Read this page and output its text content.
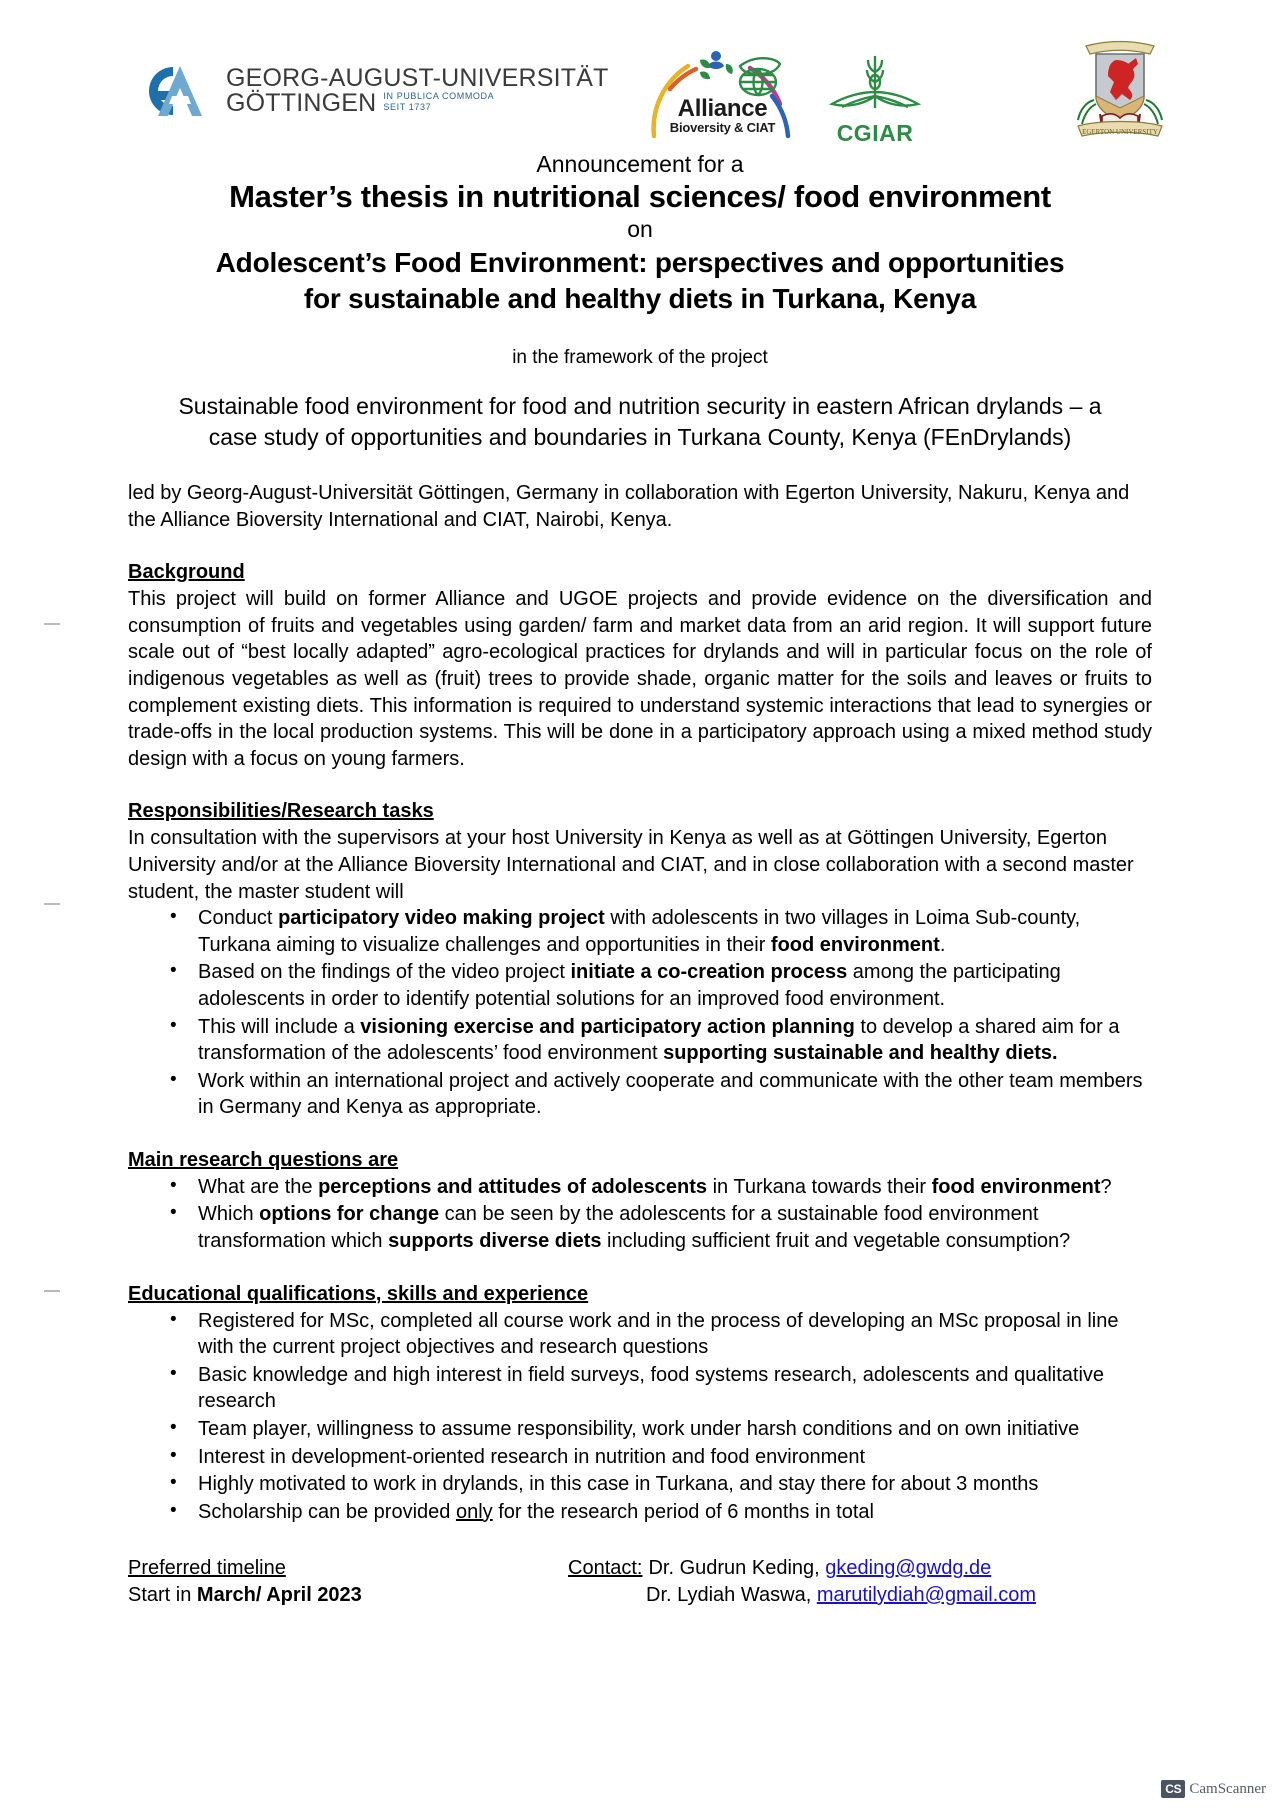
GEORG-AUGUST-UNIVERSITÄT
GÖTTINGEN IN PUBLICA COMMODA
SEIT 1737	Alliance
Bioversity & CIAT	CGIAR	EGERTON UNIVERSITY
Announcement for a
Master’s thesis in nutritional sciences/ food environment
on
Adolescent’s Food Environment: perspectives and opportunities
for sustainable and healthy diets in Turkana, Kenya
in the framework of the project
Sustainable food environment for food and nutrition security in eastern African drylands – a
case study of opportunities and boundaries in Turkana County, Kenya (FEnDrylands)
led by Georg-August-Universität Göttingen, Germany in collaboration with Egerton University, Nakuru, Kenya and the Alliance Bioversity International and CIAT, Nairobi, Kenya.
Background

This project will build on former Alliance and UGOE projects and provide evidence on the diversification and consumption of fruits and vegetables using garden/ farm and market data from an arid region. It will support future scale out of “best locally adapted” agro-ecological practices for drylands and will in particular focus on the role of indigenous vegetables as well as (fruit) trees to provide shade, organic matter for the soils and leaves or fruits to complement existing diets. This information is required to understand systemic interactions that lead to synergies or trade-offs in the local production systems. This will be done in a participatory approach using a mixed method study design with a focus on young farmers.

Responsibilities/Research tasks

In consultation with the supervisors at your host University in Kenya as well as at Göttingen University, Egerton University and/or at the Alliance Bioversity International and CIAT, and in close collaboration with a second master student, the master student will

• Conduct participatory video making project with adolescents in two villages in Loima Sub-county, Turkana aiming to visualize challenges and opportunities in their food environment.
• Based on the findings of the video project initiate a co-creation process among the participating adolescents in order to identify potential solutions for an improved food environment.
• This will include a visioning exercise and participatory action planning to develop a shared aim for a transformation of the adolescents’ food environment supporting sustainable and healthy diets.
• Work within an international project and actively cooperate and communicate with the other team members in Germany and Kenya as appropriate.
Main research questions are
• What are the perceptions and attitudes of adolescents in Turkana towards their food environment?
• Which options for change can be seen by the adolescents for a sustainable food environment transformation which supports diverse diets including sufficient fruit and vegetable consumption?
Educational qualifications, skills and experience
• Registered for MSc, completed all course work and in the process of developing an MSc proposal in line with the current project objectives and research questions
• Basic knowledge and high interest in field surveys, food systems research, adolescents and qualitative research
• Team player, willingness to assume responsibility, work under harsh conditions and on own initiative
• Interest in development-oriented research in nutrition and food environment
• Highly motivated to work in drylands, in this case in Turkana, and stay there for about 3 months
• Scholarship can be provided only for the research period of 6 months in total
Preferred timeline
Start in March/ April 2023
Contact: Dr. Gudrun Keding,
gkeding@gwdg.de
Dr. Lydiah Waswa,
marutilydiah@gmail.com
CS CamScanner
